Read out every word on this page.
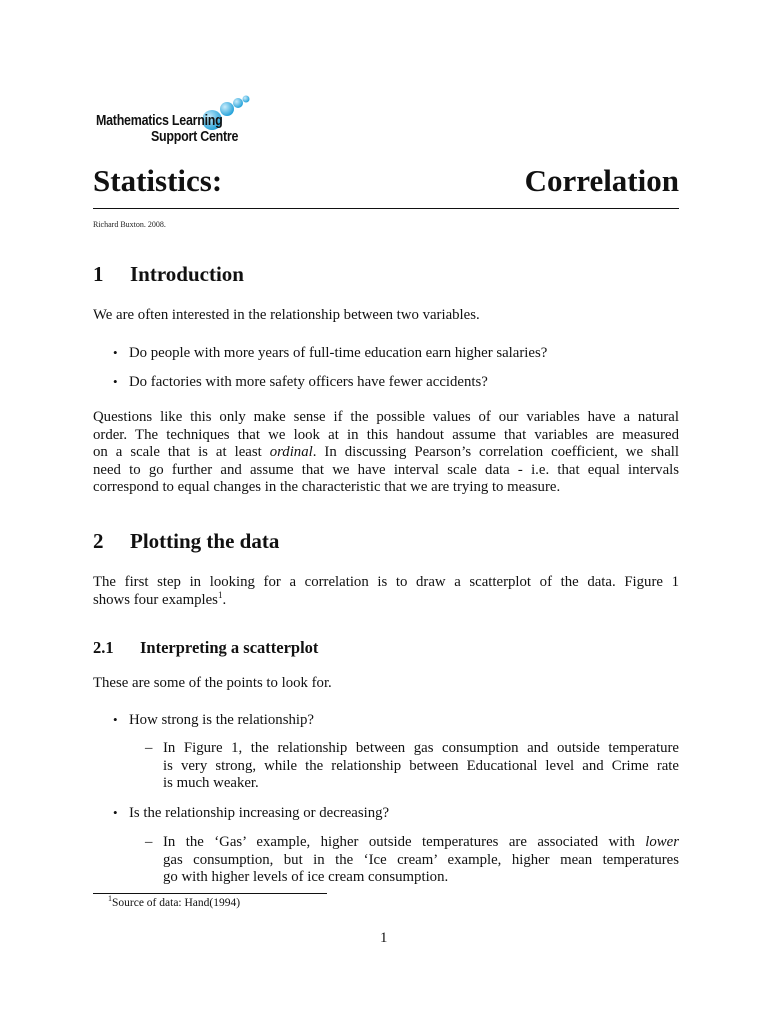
Mathematics Learning
Support Centre
Statistics:	Correlation
Richard Buxton. 2008.
1 Introduction
We are often interested in the relationship between two variables.
• Do people with more years of full-time education earn higher salaries?
• Do factories with more safety officers have fewer accidents?
Questions like this only make sense if the possible values of our variables have a natural
order. The techniques that we look at in this handout assume that variables are measured
on a scale that is at least ordinal. In discussing Pearson’s correlation coefficient, we shall
need to go further and assume that we have interval scale data - i.e. that equal intervals
correspond to equal changes in the characteristic that we are trying to measure.
2 Plotting the data
The first step in looking for a correlation is to draw a scatterplot of the data. Figure 1
shows four examples$^1$.
2.1 Interpreting a scatterplot
These are some of the points to look for.
• How strong is the relationship?
– In Figure 1, the relationship between gas consumption and outside temperature
is very strong, while the relationship between Educational level and Crime rate
is much weaker.
• Is the relationship increasing or decreasing?
– In the ‘Gas’ example, higher outside temperatures are associated with lower
gas consumption, but in the ‘Ice cream’ example, higher mean temperatures
go with higher levels of ice cream consumption.
$^1$Source of data: Hand(1994)
1
